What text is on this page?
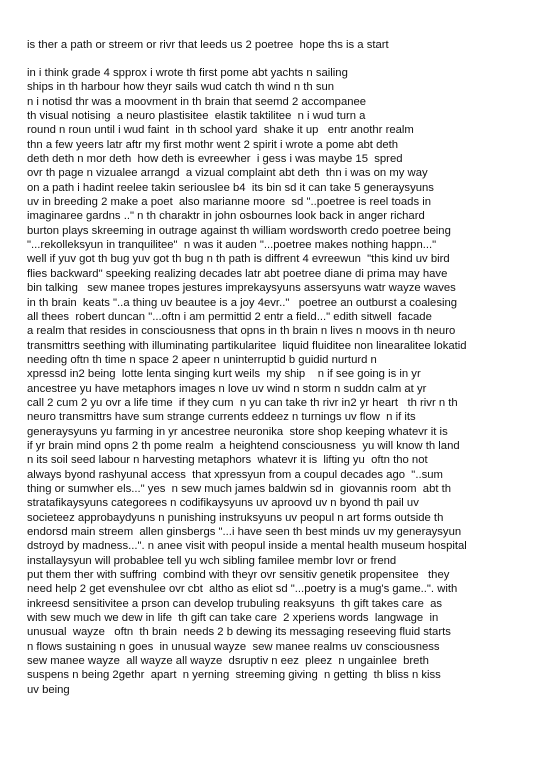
is ther a path or streem or rivr that leeds us 2 poetree  hope ths is a start
in i think grade 4 spprox i wrote th first pome abt yachts n sailing
ships in th harbour how theyr sails wud catch th wind n th sun
n i notisd thr was a moovment in th brain that seemd 2 accompanee
th visual notising  a neuro plastisitee  elastik taktilitee  n i wud turn a
round n roun until i wud faint  in th school yard  shake it up   entr anothr realm
thn a few yeers latr aftr my first mothr went 2 spirit i wrote a pome abt deth
deth deth n mor deth  how deth is evreewher  i gess i was maybe 15  spred
ovr th page n vizualee arrangd  a vizual complaint abt deth  thn i was on my way
on a path i hadint reelee takin seriouslee b4  its bin sd it can take 5 generaysyuns
uv in breeding 2 make a poet  also marianne moore  sd "..poetree is reel toads in
imaginaree gardns .." n th charaktr in john osbournes look back in anger richard
burton plays skreeming in outrage against th william wordsworth credo poetree being
"...rekolleksyun in tranquilitee"  n was it auden "...poetree makes nothing happn..."
well if yuv got th bug yuv got th bug n th path is diffrent 4 evreewun  "this kind uv bird
flies backward" speeking realizing decades latr abt poetree diane di prima may have
bin talking   sew manee tropes jestures imprekaysyuns assersyuns watr wayze waves
in th brain  keats "..a thing uv beautee is a joy 4evr.."   poetree an outburst a coalesing
all thees  robert duncan "...oftn i am permittid 2 entr a field..." edith sitwell  facade
a realm that resides in consciousness that opns in th brain n lives n moovs in th neuro
transmittrs seething with illuminating partikularitee  liquid fluiditee non linearalitee lokatid
needing oftn th time n space 2 apeer n uninterruptid b guidid nurturd n
xpressd in2 being  lotte lenta singing kurt weils  my ship    n if see going is in yr
ancestree yu have metaphors images n love uv wind n storm n suddn calm at yr
call 2 cum 2 yu ovr a life time  if they cum  n yu can take th rivr in2 yr heart   th rivr n th
neuro transmittrs have sum strange currents eddeez n turnings uv flow  n if its
generaysyuns yu farming in yr ancestree neuronika  store shop keeping whatevr it is
if yr brain mind opns 2 th pome realm  a heightend consciousness  yu will know th land
n its soil seed labour n harvesting metaphors  whatevr it is  lifting yu  oftn tho not
always byond rashyunal access  that xpressyun from a coupul decades ago  "..sum
thing or sumwher els..." yes  n sew much james baldwin sd in  giovannis room  abt th
stratafikaysyuns categorees n codifikaysyuns uv aproovd uv n byond th pail uv
societeez approbaydyuns n punishing instruksyuns uv peopul n art forms outside th
endorsd main streem  allen ginsbergs "...i have seen th best minds uv my generaysyun
dstroyd by madness...". n anee visit with peopul inside a mental health museum hospital
installaysyun will probablee tell yu wch sibling familee membr lovr or frend
put them ther with suffring  combind with theyr ovr sensitiv genetik propensitee   they
need help 2 get evenshulee ovr cbt  altho as eliot sd "...poetry is a mug's game..". with
inkreesd sensitivitee a prson can develop trubuling reaksyuns  th gift takes care  as
with sew much we dew in life  th gift can take care  2 xperiens words  langwage  in
unusual  wayze   oftn  th brain  needs 2 b dewing its messaging reseeving fluid starts
n flows sustaining n goes  in unusual wayze  sew manee realms uv consciousness
sew manee wayze  all wayze all wayze  dsruptiv n eez  pleez  n ungainlee  breth
suspens n being 2gethr  apart  n yerning  streeming giving  n getting  th bliss n kiss
uv being
